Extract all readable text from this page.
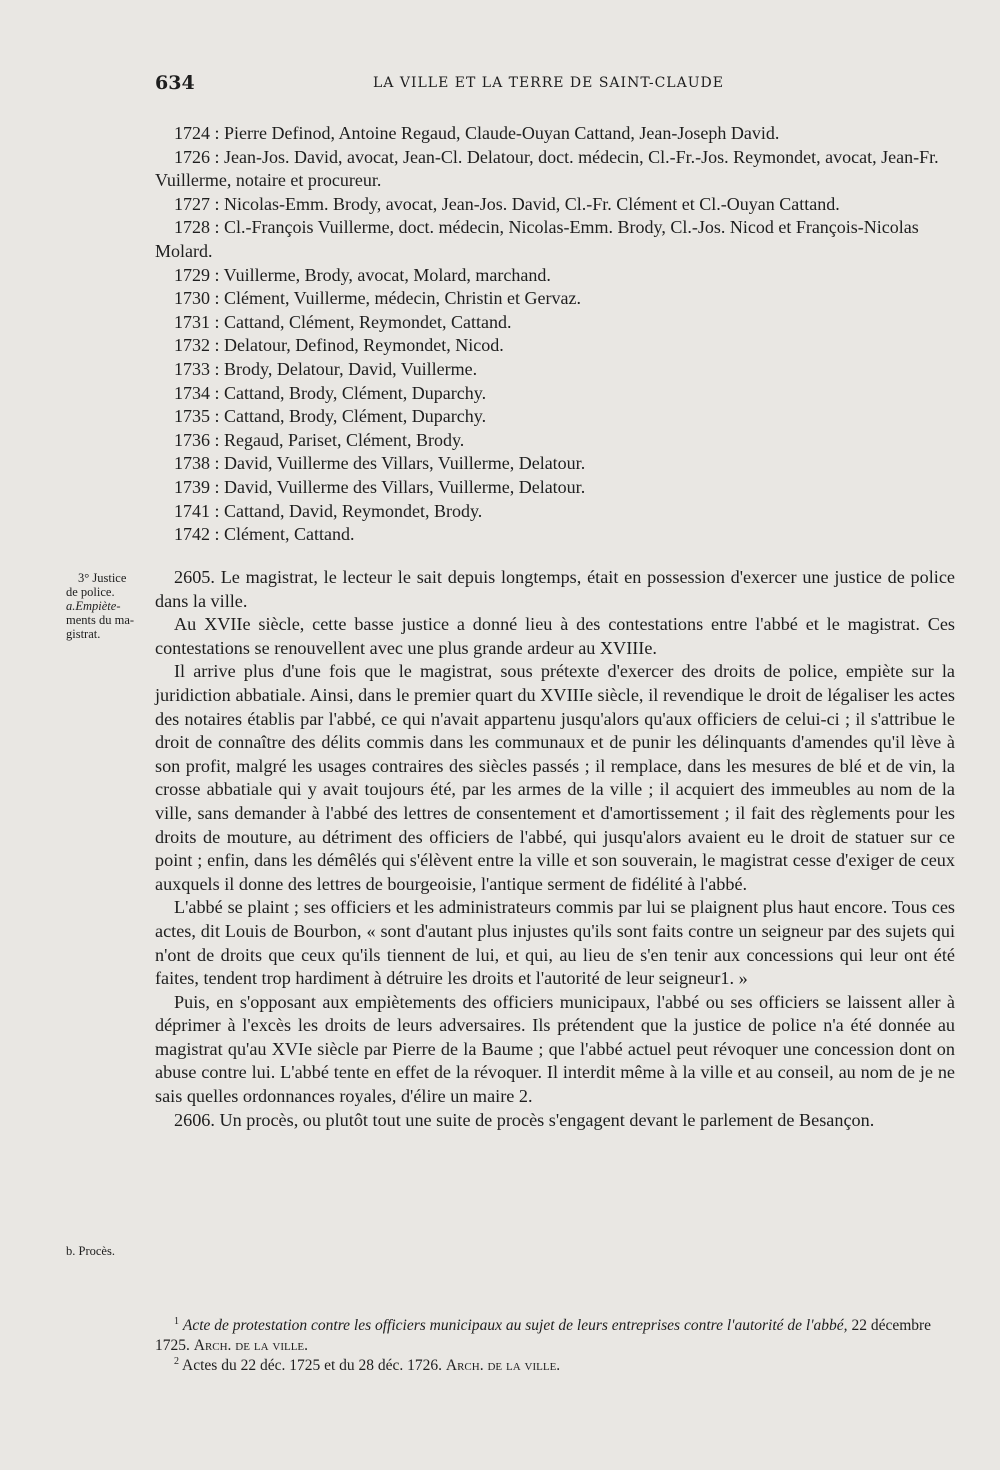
634	LA VILLE ET LA TERRE DE SAINT-CLAUDE
1724 : Pierre Definod, Antoine Regaud, Claude-Ouyan Cattand, Jean-Joseph David.
1726 : Jean-Jos. David, avocat, Jean-Cl. Delatour, doct. médecin, Cl.-Fr.-Jos. Reymondet, avocat, Jean-Fr. Vuillerme, notaire et procureur.
1727 : Nicolas-Emm. Brody, avocat, Jean-Jos. David, Cl.-Fr. Clément et Cl.-Ouyan Cattand.
1728 : Cl.-François Vuillerme, doct. médecin, Nicolas-Emm. Brody, Cl.-Jos. Nicod et François-Nicolas Molard.
1729 : Vuillerme, Brody, avocat, Molard, marchand.
1730 : Clément, Vuillerme, médecin, Christin et Gervaz.
1731 : Cattand, Clément, Reymondet, Cattand.
1732 : Delatour, Definod, Reymondet, Nicod.
1733 : Brody, Delatour, David, Vuillerme.
1734 : Cattand, Brody, Clément, Duparchy.
1735 : Cattand, Brody, Clément, Duparchy.
1736 : Regaud, Pariset, Clément, Brody.
1738 : David, Vuillerme des Villars, Vuillerme, Delatour.
1739 : David, Vuillerme des Villars, Vuillerme, Delatour.
1741 : Cattand, David, Reymondet, Brody.
1742 : Clément, Cattand.
3° Justice
de police.
a.Empiète-
ments du ma-
gistrat.
b. Procès.

2605. Le magistrat, le lecteur le sait depuis longtemps, était en possession d'exercer une justice de police dans la ville.

Au XVIIe siècle, cette basse justice a donné lieu à des contestations entre l'abbé et le magistrat. Ces contestations se renouvellent avec une plus grande ardeur au XVIIIe.

Il arrive plus d'une fois que le magistrat, sous prétexte d'exercer des droits de police, empiète sur la juridiction abbatiale. Ainsi, dans le premier quart du XVIIIe siècle, il revendique le droit de légaliser les actes des notaires établis par l'abbé, ce qui n'avait appartenu jusqu'alors qu'aux officiers de celui-ci ; il s'attribue le droit de connaître des délits commis dans les communaux et de punir les délinquants d'amendes qu'il lève à son profit, malgré les usages contraires des siècles passés ; il remplace, dans les mesures de blé et de vin, la crosse abbatiale qui y avait toujours été, par les armes de la ville ; il acquiert des immeubles au nom de la ville, sans demander à l'abbé des lettres de consentement et d'amortissement ; il fait des règlements pour les droits de mouture, au détriment des officiers de l'abbé, qui jusqu'alors avaient eu le droit de statuer sur ce point ; enfin, dans les démêlés qui s'élèvent entre la ville et son souverain, le magistrat cesse d'exiger de ceux auxquels il donne des lettres de bourgeoisie, l'antique serment de fidélité à l'abbé.

L'abbé se plaint ; ses officiers et les administrateurs commis par lui se plaignent plus haut encore. Tous ces actes, dit Louis de Bourbon, « sont d'autant plus injustes qu'ils sont faits contre un seigneur par des sujets qui n'ont de droits que ceux qu'ils tiennent de lui, et qui, au lieu de s'en tenir aux concessions qui leur ont été faites, tendent trop hardiment à détruire les droits et l'autorité de leur seigneur1. »

Puis, en s'opposant aux empiètements des officiers municipaux, l'abbé ou ses officiers se laissent aller à déprimer à l'excès les droits de leurs adversaires. Ils prétendent que la justice de police n'a été donnée au magistrat qu'au XVIe siècle par Pierre de la Baume ; que l'abbé actuel peut révoquer une concession dont on abuse contre lui. L'abbé tente en effet de la révoquer. Il interdit même à la ville et au conseil, au nom de je ne sais quelles ordonnances royales, d'élire un maire 2.

2606. Un procès, ou plutôt tout une suite de procès s'engagent devant le parlement de Besançon.

$^1$ Acte de protestation contre les officiers municipaux au sujet de leurs entreprises contre l'autorité de l'abbé, 22 décembre 1725. Arch. de la ville.

$^2$ Actes du 22 déc. 1725 et du 28 déc. 1726. Arch. de la ville.
